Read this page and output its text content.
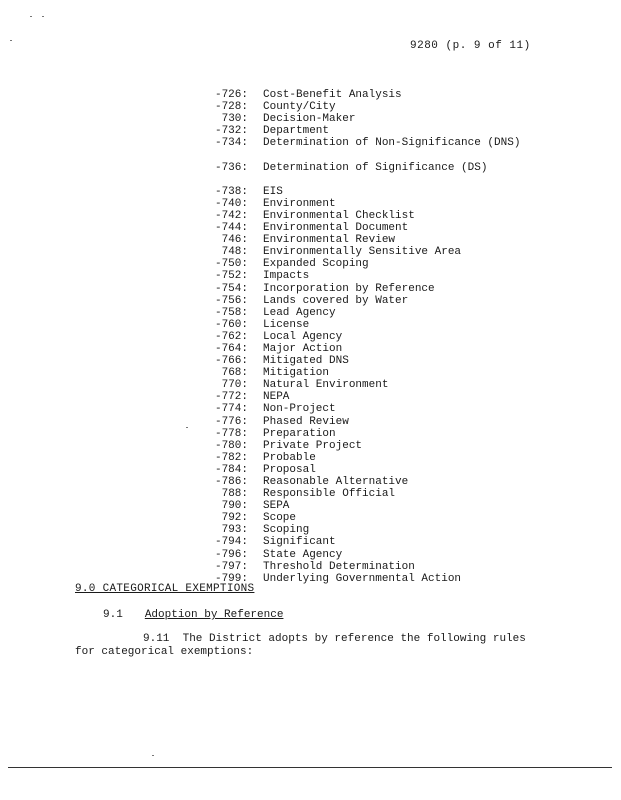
9280 (p. 9 of 11)
-726: Cost-Benefit Analysis
-728: County/City
730: Decision-Maker
-732: Department
-734: Determination of Non-Significance (DNS)
-736: Determination of Significance (DS)
-738: EIS
-740: Environment
-742: Environmental Checklist
-744: Environmental Document
746: Environmental Review
748: Environmentally Sensitive Area
-750: Expanded Scoping
-752: Impacts
-754: Incorporation by Reference
-756: Lands covered by Water
-758: Lead Agency
-760: License
-762: Local Agency
-764: Major Action
-766: Mitigated DNS
768: Mitigation
770: Natural Environment
-772: NEPA
-774: Non-Project
-776: Phased Review
-778: Preparation
-780: Private Project
-782: Probable
-784: Proposal
-786: Reasonable Alternative
788: Responsible Official
790: SEPA
792: Scope
793: Scoping
-794: Significant
-796: State Agency
-797: Threshold Determination
-799: Underlying Governmental Action
9.0 CATEGORICAL EXEMPTIONS
9.1 Adoption by Reference
9.11 The District adopts by reference the following rules for categorical exemptions:
